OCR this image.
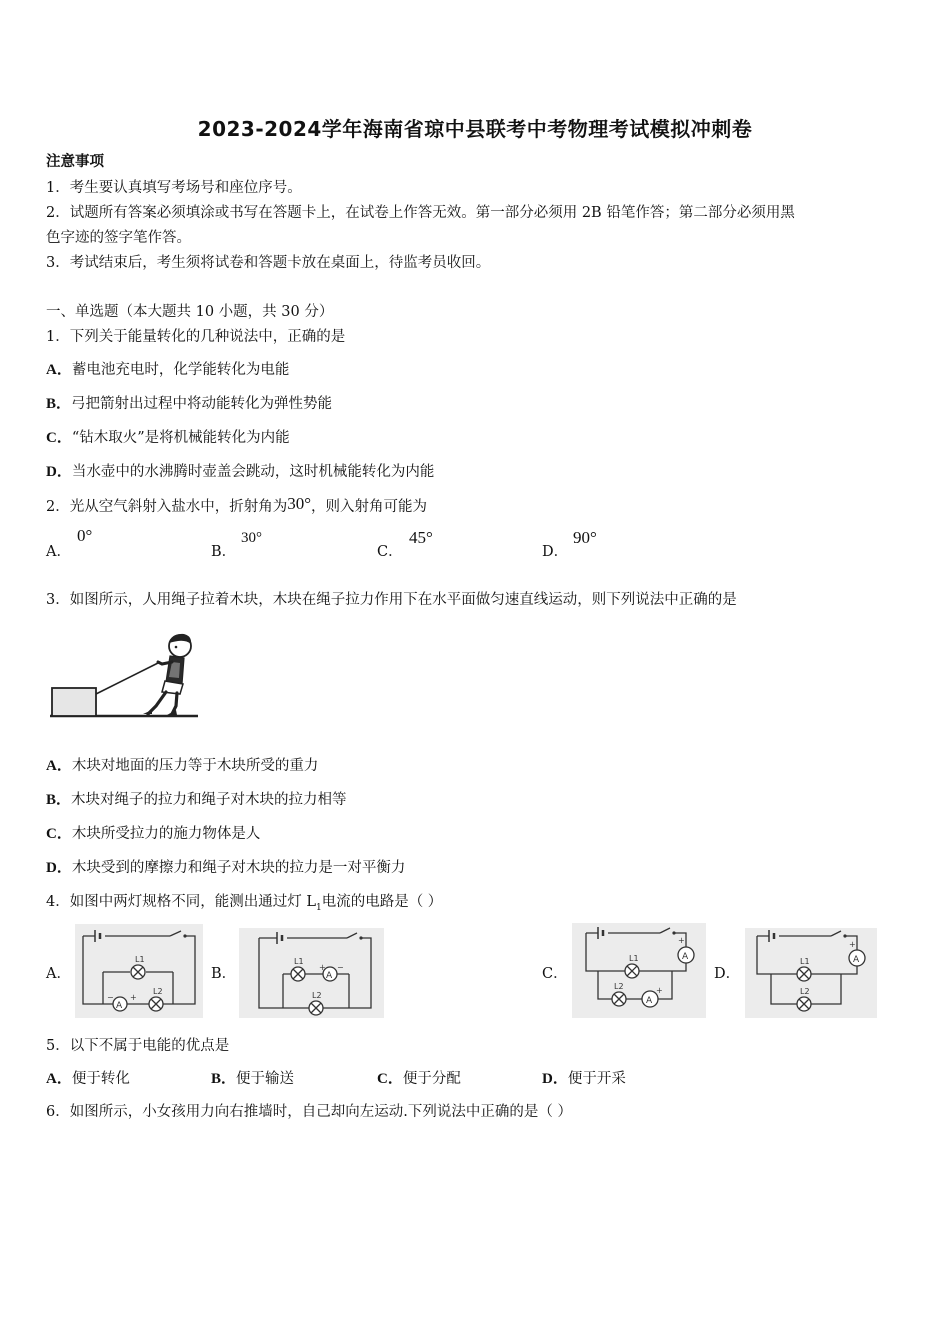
2023-2024学年海南省琼中县联考中考物理考试模拟冲刺卷
注意事项
1．考生要认真填写考场号和座位序号。
2．试题所有答案必须填涂或书写在答题卡上，在试卷上作答无效。第一部分必须用 2B 铅笔作答；第二部分必须用黑
色字迹的签字笔作答。
3．考试结束后，考生须将试卷和答题卡放在桌面上，待监考员收回。
一、单选题（本大题共 10 小题，共 30 分）
1．下列关于能量转化的几种说法中，正确的是
A．蓄电池充电时，化学能转化为电能
B．弓把箭射出过程中将动能转化为弹性势能
C．“钻木取火”是将机械能转化为内能
D．当水壶中的水沸腾时壶盖会跳动，这时机械能转化为内能
2．光从空气斜射入盐水中，折射角为30°，则入射角可能为
A．
0°
B．
30°
C．
45°
D．
90°
3．如图所示，人用绳子拉着木块，木块在绳子拉力作用下在水平面做匀速直线运动，则下列说法中正确的是
A．木块对地面的压力等于木块所受的重力
B．木块对绳子的拉力和绳子对木块的拉力相等
C．木块所受拉力的施力物体是人
D．木块受到的摩擦力和绳子对木块的拉力是一对平衡力
4．如图中两灯规格不同，能测出通过灯 $L_1$电流的电路是（ ）
A．	B．	C．	D．
L1
L2
A
− +
L1
L2
A
+ −
L1
L2
A
A
+
+
L1
L2
A
+
5．以下不属于电能的优点是
A．便于转化	B．便于输送	C．便于分配	D．便于开采
6．如图所示，小女孩用力向右推墙时，自己却向左运动.下列说法中正确的是（ ）
